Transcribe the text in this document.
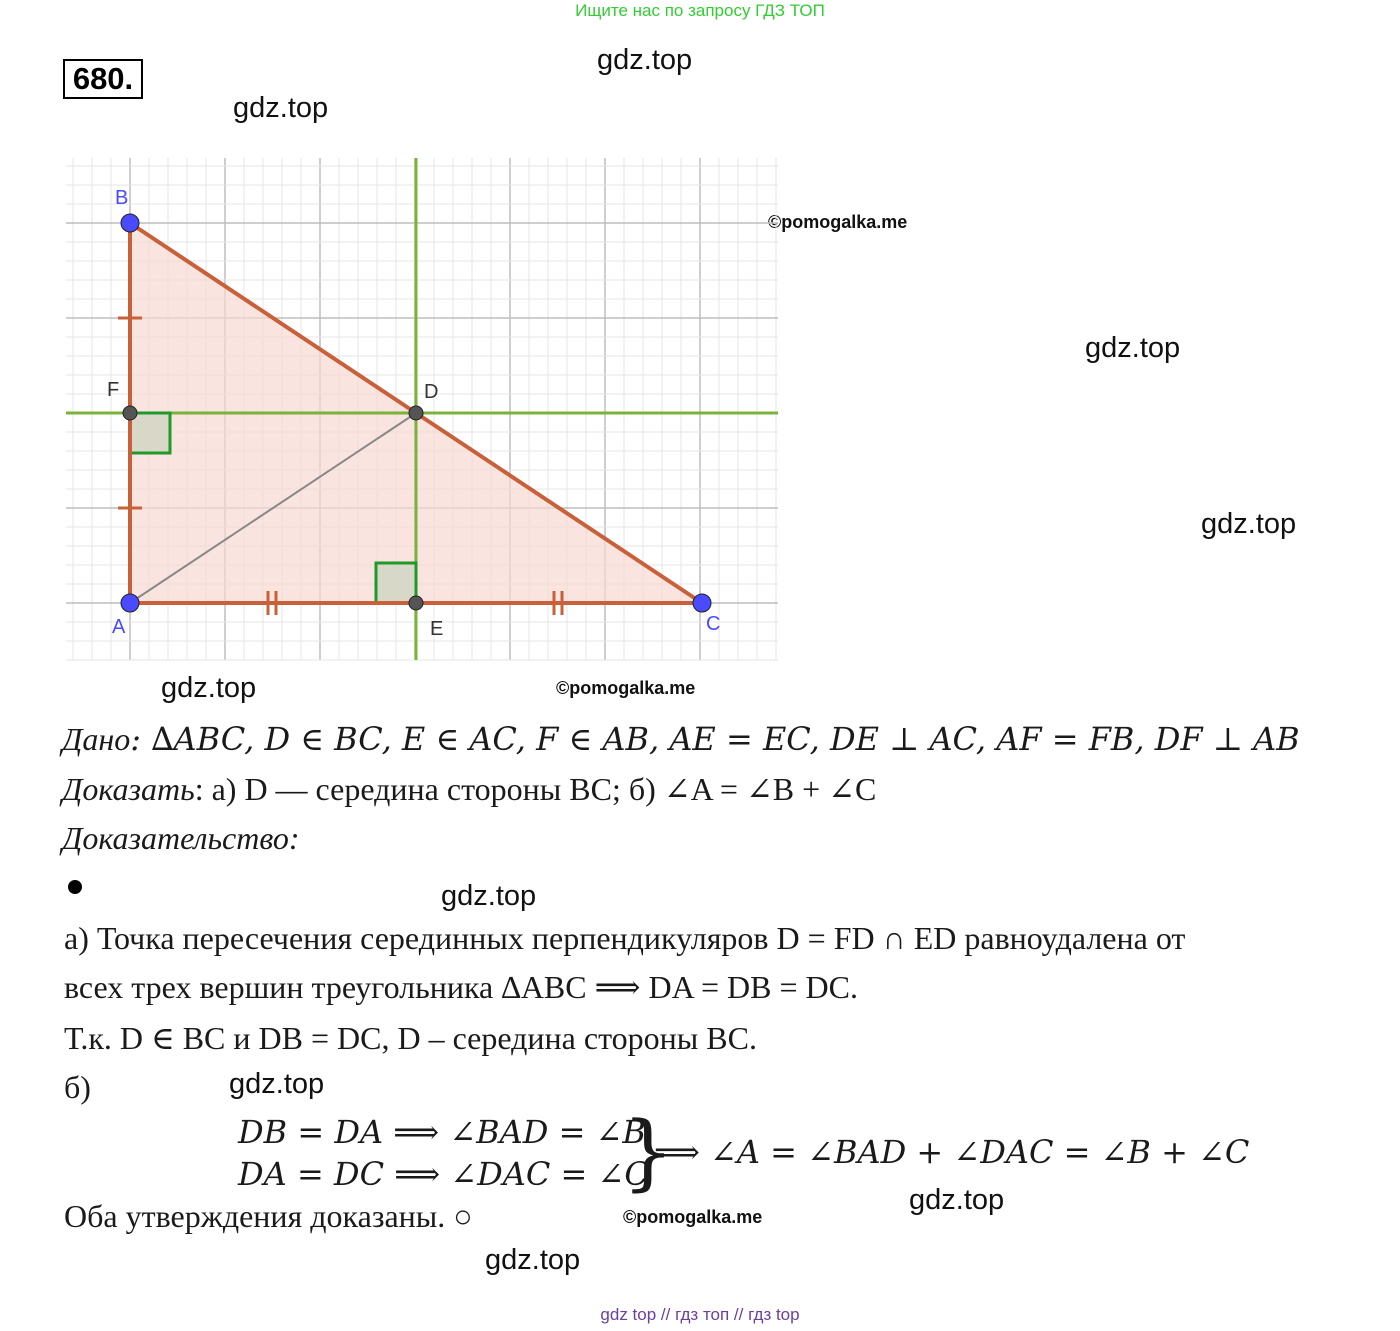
Ищите нас по запросу ГДЗ ТОП
680.
gdz.top
gdz.top
gdz.top
gdz.top
gdz.top
gdz.top
gdz.top
gdz.top
gdz.top
©pomogalka.me
©pomogalka.me
©pomogalka.me
B
A	C
F	D
E
Дано: ∆ABC, D ∈ BC, E ∈ AC, F ∈ AB, AE = EC, DE ⊥ AC, AF = FB, DF ⊥ AB
Доказать: а) D — середина стороны BC; б) ∠A = ∠B + ∠C
Доказательство:
а) Точка пересечения серединных перпендикуляров D = FD ∩ ED равноудалена от
всех трех вершин треугольника ∆ABC ⟹ DA = DB = DC.
Т.к. D ∈ BC и DB = DC, D – середина стороны BC.
б)
DB = DA ⟹ ∠BAD = ∠B
DA = DC ⟹ ∠DAC = ∠C
}
⟹ ∠A = ∠BAD + ∠DAC = ∠B + ∠C
Оба утверждения доказаны. ○
gdz top // гдз топ // гдз top
